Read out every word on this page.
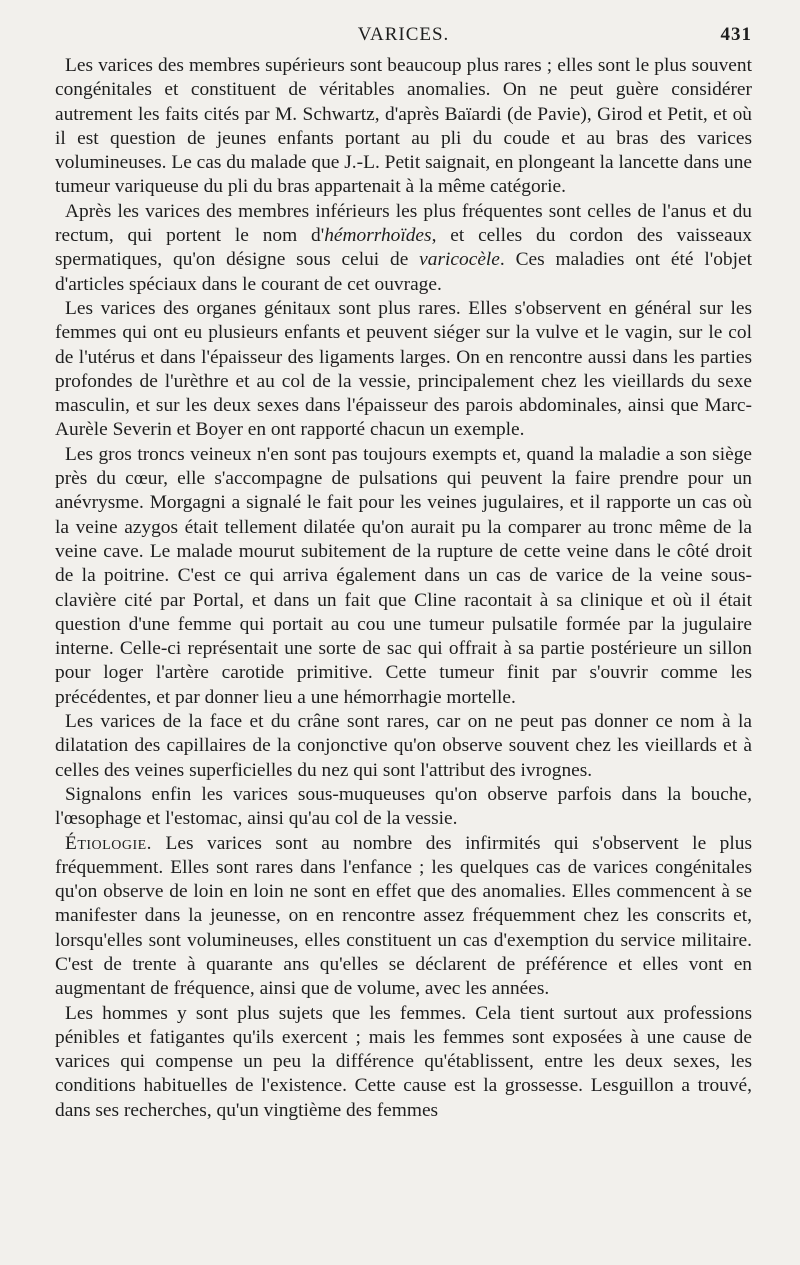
VARICES.	431

Les varices des membres supérieurs sont beaucoup plus rares ; elles sont le plus souvent congénitales et constituent de véritables anomalies. On ne peut guère considérer autrement les faits cités par M. Schwartz, d'après Baïardi (de Pavie), Girod et Petit, et où il est question de jeunes enfants portant au pli du coude et au bras des varices volumineuses. Le cas du malade que J.-L. Petit saignait, en plongeant la lancette dans une tumeur variqueuse du pli du bras appartenait à la même catégorie.

Après les varices des membres inférieurs les plus fréquentes sont celles de l'anus et du rectum, qui portent le nom d'hémorrhoïdes, et celles du cordon des vaisseaux spermatiques, qu'on désigne sous celui de varicocèle. Ces maladies ont été l'objet d'articles spéciaux dans le courant de cet ouvrage.

Les varices des organes génitaux sont plus rares. Elles s'observent en général sur les femmes qui ont eu plusieurs enfants et peuvent siéger sur la vulve et le vagin, sur le col de l'utérus et dans l'épaisseur des ligaments larges. On en rencontre aussi dans les parties profondes de l'urèthre et au col de la vessie, principalement chez les vieillards du sexe masculin, et sur les deux sexes dans l'épaisseur des parois abdominales, ainsi que Marc-Aurèle Severin et Boyer en ont rapporté chacun un exemple.

Les gros troncs veineux n'en sont pas toujours exempts et, quand la maladie a son siège près du cœur, elle s'accompagne de pulsations qui peuvent la faire prendre pour un anévrysme. Morgagni a signalé le fait pour les veines jugulaires, et il rapporte un cas où la veine azygos était tellement dilatée qu'on aurait pu la comparer au tronc même de la veine cave. Le malade mourut subitement de la rupture de cette veine dans le côté droit de la poitrine. C'est ce qui arriva également dans un cas de varice de la veine sous-clavière cité par Portal, et dans un fait que Cline racontait à sa clinique et où il était question d'une femme qui portait au cou une tumeur pulsatile formée par la jugulaire interne. Celle-ci représentait une sorte de sac qui offrait à sa partie postérieure un sillon pour loger l'artère carotide primitive. Cette tumeur finit par s'ouvrir comme les précédentes, et par donner lieu a une hémorrhagie mortelle.

Les varices de la face et du crâne sont rares, car on ne peut pas donner ce nom à la dilatation des capillaires de la conjonctive qu'on observe souvent chez les vieillards et à celles des veines superficielles du nez qui sont l'attribut des ivrognes.

Signalons enfin les varices sous-muqueuses qu'on observe parfois dans la bouche, l'œsophage et l'estomac, ainsi qu'au col de la vessie.

Étiologie. Les varices sont au nombre des infirmités qui s'observent le plus fréquemment. Elles sont rares dans l'enfance ; les quelques cas de varices congénitales qu'on observe de loin en loin ne sont en effet que des anomalies. Elles commencent à se manifester dans la jeunesse, on en rencontre assez fréquemment chez les conscrits et, lorsqu'elles sont volumineuses, elles constituent un cas d'exemption du service militaire. C'est de trente à quarante ans qu'elles se déclarent de préférence et elles vont en augmentant de fréquence, ainsi que de volume, avec les années.

Les hommes y sont plus sujets que les femmes. Cela tient surtout aux professions pénibles et fatigantes qu'ils exercent ; mais les femmes sont exposées à une cause de varices qui compense un peu la différence qu'établissent, entre les deux sexes, les conditions habituelles de l'existence. Cette cause est la grossesse. Lesguillon a trouvé, dans ses recherches, qu'un vingtième des femmes
